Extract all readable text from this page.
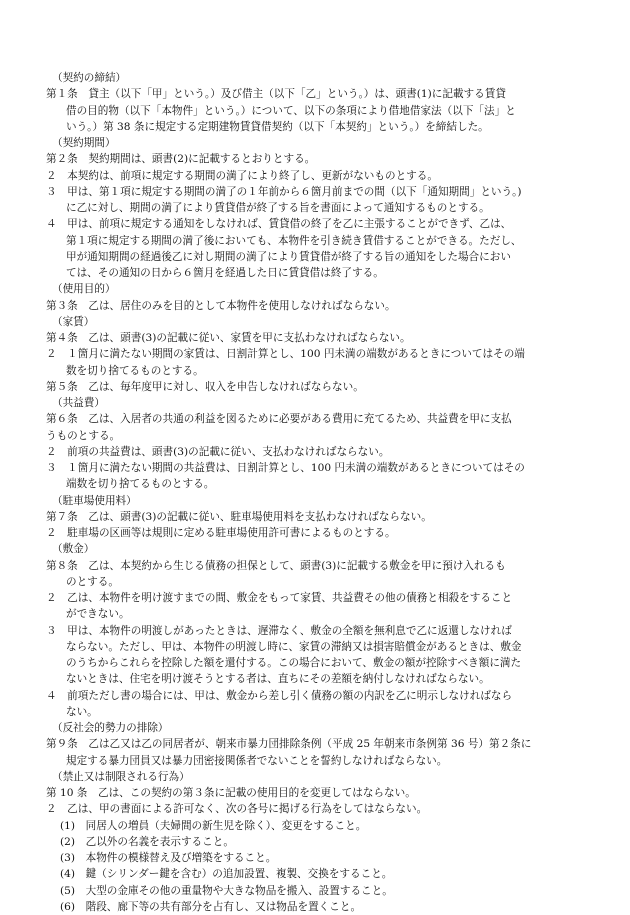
（契約の締結）
第１条　貸主（以下「甲」という。）及び借主（以下「乙」という。）は、頭書(1)に記載する賃貸
借の目的物（以下「本物件」という。）について、以下の条項により借地借家法（以下「法」と
いう。）第 38 条に規定する定期建物賃貸借契約（以下「本契約」という。）を締結した。
（契約期間）
第２条　契約期間は、頭書(2)に記載するとおりとする。
２　本契約は、前項に規定する期間の満了により終了し、更新がないものとする。
３　甲は、第１項に規定する期間の満了の１年前から６箇月前までの間（以下「通知期間」という。)
に乙に対し、期間の満了により賃貸借が終了する旨を書面によって通知するものとする。
４　甲は、前項に規定する通知をしなければ、賃貸借の終了を乙に主張することができず、乙は、
第１項に規定する期間の満了後においても、本物件を引き続き賃借することができる。ただし、
甲が通知期間の経過後乙に対し期間の満了により賃貸借が終了する旨の通知をした場合におい
ては、その通知の日から６箇月を経過した日に賃貸借は終了する。
（使用目的）
第３条　乙は、居住のみを目的として本物件を使用しなければならない。
（家賃）
第４条　乙は、頭書(3)の記載に従い、家賃を甲に支払わなければならない。
２　１箇月に満たない期間の家賃は、日割計算とし、100 円未満の端数があるときについてはその端
数を切り捨てるものとする。
第５条　乙は、毎年度甲に対し、収入を申告しなければならない。
（共益費）
第６条　乙は、入居者の共通の利益を図るために必要がある費用に充てるため、共益費を甲に支払
うものとする。
２　前項の共益費は、頭書(3)の記載に従い、支払わなければならない。
３　１箇月に満たない期間の共益費は、日割計算とし、100 円未満の端数があるときについてはその
端数を切り捨てるものとする。
（駐車場使用料）
第７条　乙は、頭書(3)の記載に従い、駐車場使用料を支払わなければならない。
２　駐車場の区画等は規則に定める駐車場使用許可書によるものとする。
（敷金）
第８条　乙は、本契約から生じる債務の担保として、頭書(3)に記載する敷金を甲に預け入れるも
のとする。
２　乙は、本物件を明け渡すまでの間、敷金をもって家賃、共益費その他の債務と相殺をすること
ができない。
３　甲は、本物件の明渡しがあったときは、遅滞なく、敷金の全額を無利息で乙に返還しなければ
ならない。ただし、甲は、本物件の明渡し時に、家賃の滞納又は損害賠償金があるときは、敷金
のうちからこれらを控除した額を還付する。この場合において、敷金の額が控除すべき額に満た
ないときは、住宅を明け渡そうとする者は、直ちにその差額を納付しなければならない。
４　前項ただし書の場合には、甲は、敷金から差し引く債務の額の内訳を乙に明示しなければなら
ない。
（反社会的勢力の排除）
第９条　乙は乙又は乙の同居者が、朝来市暴力団排除条例（平成 25 年朝来市条例第 36 号）第２条に
規定する暴力団員又は暴力団密接関係者でないことを誓約しなければならない。
（禁止又は制限される行為）
第 10 条　乙は、この契約の第３条に記載の使用目的を変更してはならない。
２　乙は、甲の書面による許可なく、次の各号に掲げる行為をしてはならない。
(1)　同居人の増員（夫婦間の新生児を除く）、変更をすること。
(2)　乙以外の名義を表示すること。
(3)　本物件の模様替え及び増築をすること。
(4)　鍵（シリンダー鍵を含む）の追加設置、複製、交換をすること。
(5)　大型の金庫その他の重量物や大きな物品を搬入、設置すること。
(6)　階段、廊下等の共有部分を占有し、又は物品を置くこと。
